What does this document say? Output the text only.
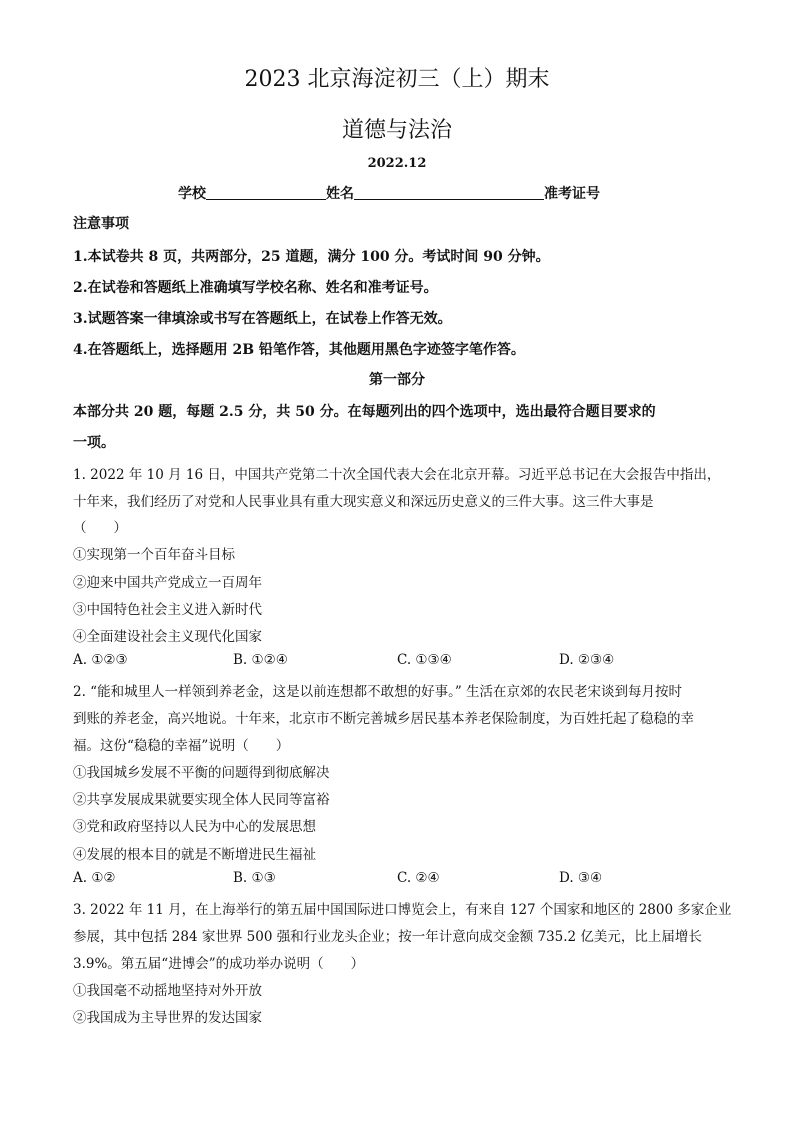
2023 北京海淀初三（上）期末
道德与法治
2022.12
学校	姓名	准考证号
注意事项
1.本试卷共 8 页，共两部分，25 道题，满分 100 分。考试时间 90 分钟。
2.在试卷和答题纸上准确填写学校名称、姓名和准考证号。
3.试题答案一律填涂或书写在答题纸上，在试卷上作答无效。
4.在答题纸上，选择题用 2B 铅笔作答，其他题用黑色字迹签字笔作答。
第一部分
本部分共 20 题，每题 2.5 分，共 50 分。在每题列出的四个选项中，选出最符合题目要求的
一项。
1. 2022 年 10 月 16 日，中国共产党第二十次全国代表大会在北京开幕。习近平总书记在大会报告中指出，
十年来，我们经历了对党和人民事业具有重大现实意义和深远历史意义的三件大事。这三件大事是
（　　）
①实现第一个百年奋斗目标
②迎来中国共产党成立一百周年
③中国特色社会主义进入新时代
④全面建设社会主义现代化国家
A. ①②③	B. ①②④	C. ①③④	D. ②③④
2. “能和城里人一样领到养老金，这是以前连想都不敢想的好事。” 生活在京郊的农民老宋谈到每月按时
到账的养老金，高兴地说。十年来，北京市不断完善城乡居民基本养老保险制度，为百姓托起了稳稳的幸
福。这份“稳稳的幸福”说明（　　）
①我国城乡发展不平衡的问题得到彻底解决
②共享发展成果就要实现全体人民同等富裕
③党和政府坚持以人民为中心的发展思想
④发展的根本目的就是不断增进民生福祉
A. ①②	B. ①③	C. ②④	D. ③④
3. 2022 年 11 月，在上海举行的第五届中国国际进口博览会上，有来自 127 个国家和地区的 2800 多家企业
参展，其中包括 284 家世界 500 强和行业龙头企业；按一年计意向成交金额 735.2 亿美元，比上届增长
3.9%。第五届“进博会”的成功举办说明（　　）
①我国毫不动摇地坚持对外开放
②我国成为主导世界的发达国家
